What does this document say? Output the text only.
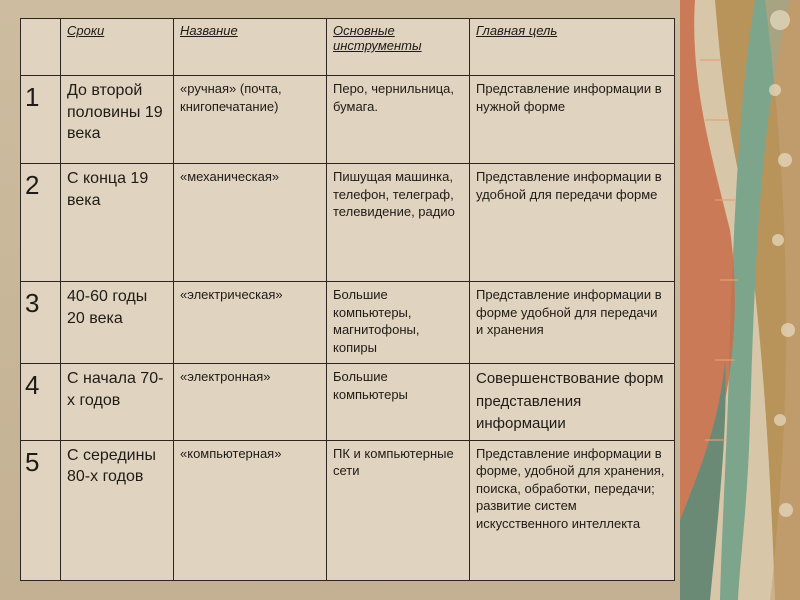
	Сроки	Название	Основные инструменты	Главная цель
1	До второй половины 19 века	«ручная» (почта, книгопечатание)	Перо, чернильница, бумага.	Представление информации в нужной форме
2	С конца 19 века	«механическая»	Пишущая машинка, телефон, телеграф, телевидение, радио	Представление информации в удобной для передачи форме
3	40-60 годы 20 века	«электрическая»	Большие компьютеры, магнитофоны, копиры	Представление информации в форме удобной для передачи и хранения
4	С начала 70-х годов	«электронная»	Большие компьютеры	Совершенствование форм представления информации
5	С середины 80-х годов	«компьютерная»	ПК и компьютерные сети	Представление информации в форме, удобной для хранения, поиска, обработки, передачи; развитие систем искусственного интеллекта
